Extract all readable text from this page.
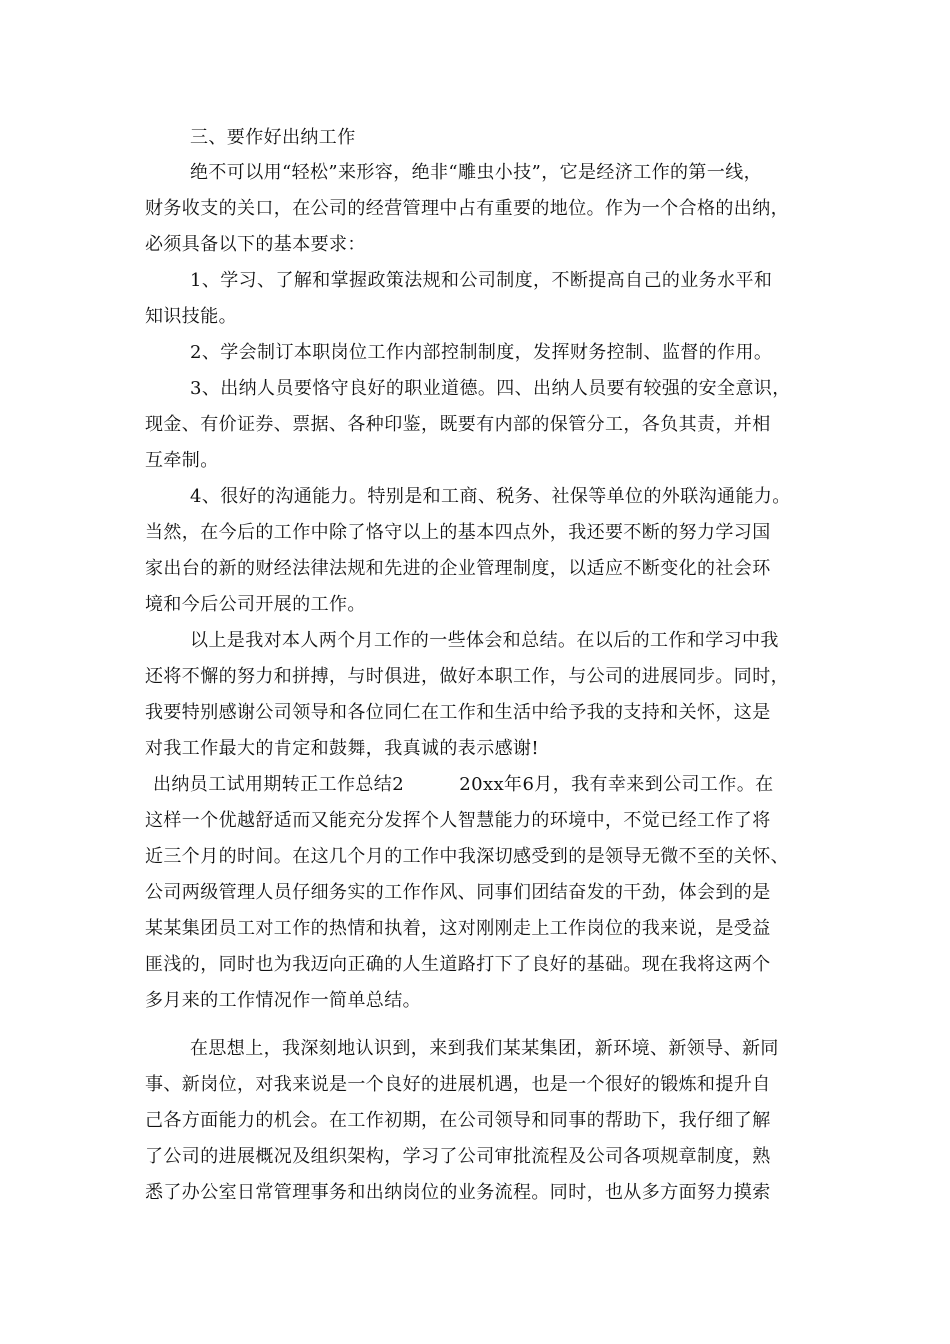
三、要作好出纳工作
绝不可以用“轻松”来形容，绝非“雕虫小技”，它是经济工作的第一线，
财务收支的关口，在公司的经营管理中占有重要的地位。作为一个合格的出纳，
必须具备以下的基本要求：
1、学习、了解和掌握政策法规和公司制度，不断提高自己的业务水平和
知识技能。
2、学会制订本职岗位工作内部控制制度，发挥财务控制、监督的作用。
3、出纳人员要恪守良好的职业道德。四、出纳人员要有较强的安全意识，
现金、有价证券、票据、各种印鉴，既要有内部的保管分工，各负其责，并相
互牵制。
4、很好的沟通能力。特别是和工商、税务、社保等单位的外联沟通能力。
当然，在今后的工作中除了恪守以上的基本四点外，我还要不断的努力学习国
家出台的新的财经法律法规和先进的企业管理制度，以适应不断变化的社会环
境和今后公司开展的工作。
以上是我对本人两个月工作的一些体会和总结。在以后的工作和学习中我
还将不懈的努力和拼搏，与时俱进，做好本职工作，与公司的进展同步。同时，
我要特别感谢公司领导和各位同仁在工作和生活中给予我的支持和关怀，这是
对我工作最大的肯定和鼓舞，我真诚的表示感谢!
出纳员工试用期转正工作总结2　　　20xx年6月，我有幸来到公司工作。在
这样一个优越舒适而又能充分发挥个人智慧能力的环境中，不觉已经工作了将
近三个月的时间。在这几个月的工作中我深切感受到的是领导无微不至的关怀、
公司两级管理人员仔细务实的工作作风、同事们团结奋发的干劲，体会到的是
某某集团员工对工作的热情和执着，这对刚刚走上工作岗位的我来说，是受益
匪浅的，同时也为我迈向正确的人生道路打下了良好的基础。现在我将这两个
多月来的工作情况作一简单总结。
在思想上，我深刻地认识到，来到我们某某集团，新环境、新领导、新同
事、新岗位，对我来说是一个良好的进展机遇，也是一个很好的锻炼和提升自
己各方面能力的机会。在工作初期，在公司领导和同事的帮助下，我仔细了解
了公司的进展概况及组织架构，学习了公司审批流程及公司各项规章制度，熟
悉了办公室日常管理事务和出纳岗位的业务流程。同时，也从多方面努力摸索
